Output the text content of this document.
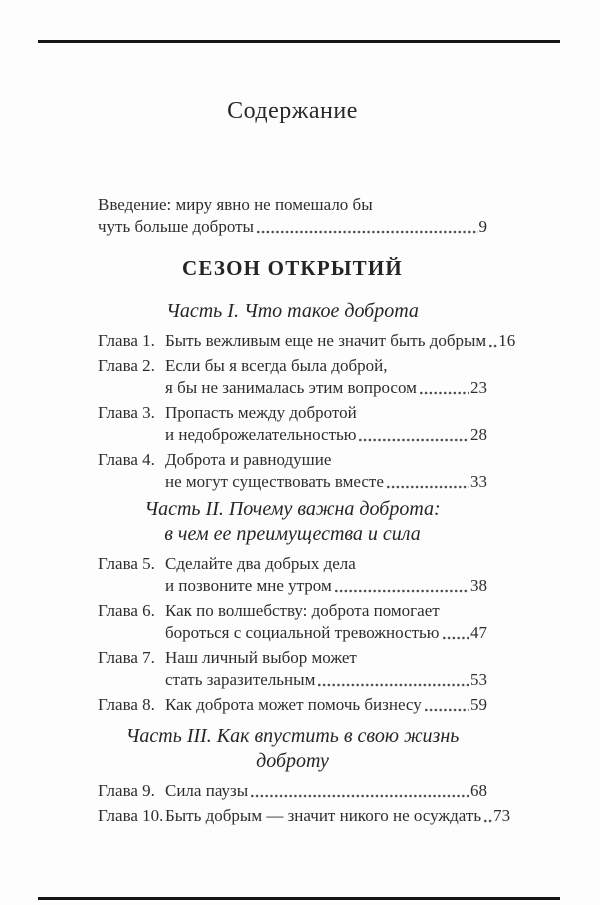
Содержание
Введение: миру явно не помешало бы
чуть больше доброты	9
СЕЗОН ОТКРЫТИЙ
Часть I. Что такое доброта
Глава 1. Быть вежливым еще не значит быть добрым 16
Глава 2. Если бы я всегда была доброй,
я бы не занималась этим вопросом	23
Глава 3. Пропасть между добротой
и недоброжелательностью	28
Глава 4. Доброта и равнодушие
не могут существовать вместе	33
Часть II. Почему важна доброта:
в чем ее преимущества и сила
Глава 5. Сделайте два добрых дела
и позвоните мне утром	38
Глава 6. Как по волшебству: доброта помогает
бороться с социальной тревожностью 47
Глава 7. Наш личный выбор может
стать заразительным	53
Глава 8. Как доброта может помочь бизнесу	59
Часть III. Как впустить в свою жизнь доброту
Глава 9. Сила паузы	68
Глава 10. Быть добрым — значит никого не осуждать 73
